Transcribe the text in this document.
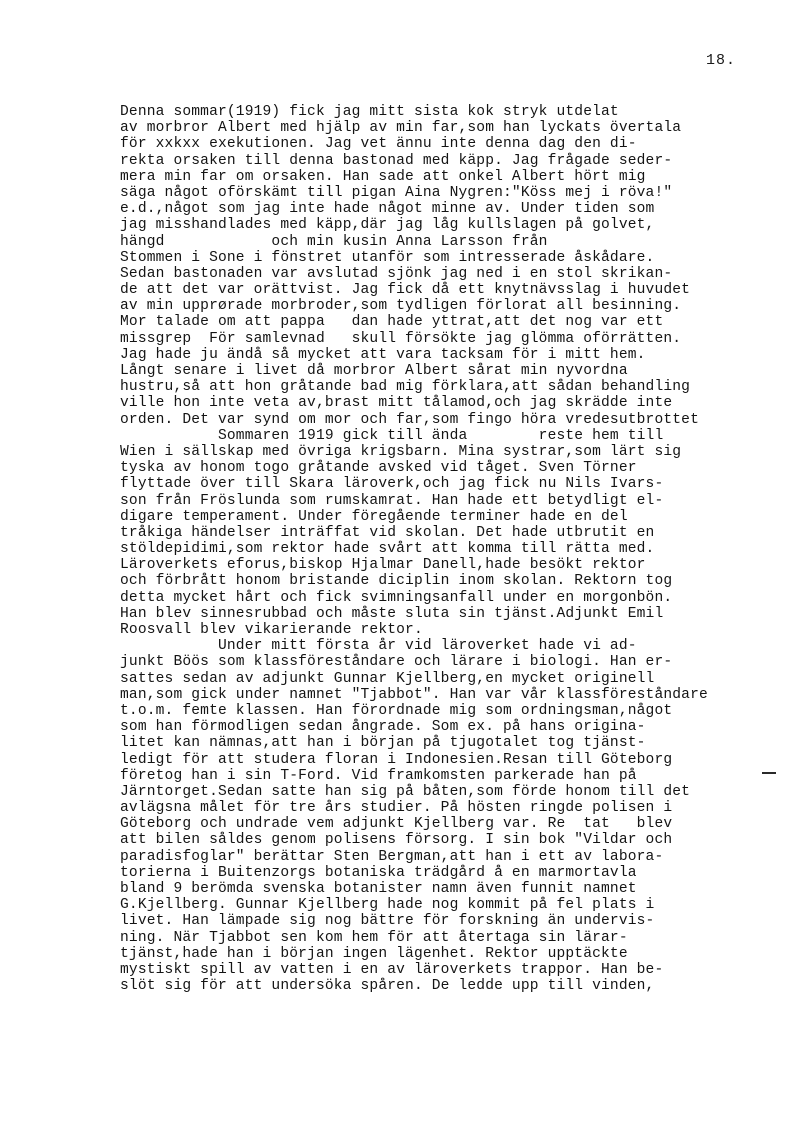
18.
Denna sommar(1919) fick jag mitt sista kok stryk utdelat
av morbror Albert med hjälp av min far,som han lyckats övertala
för xxkxx exekutionen. Jag vet ännu inte denna dag den di-
rekta orsaken till denna bastonad med käpp. Jag frågade seder-
mera min far om orsaken. Han sade att onkel Albert hört mig
säga något oförskämt till pigan Aina Nygren:"Köss mej i röva!"
e.d.,något som jag inte hade något minne av. Under tiden som
jag misshandlades med käpp,där jag låg kullslagen på golvet,
hängd            och min kusin Anna Larsson från
Stommen i Sone i fönstret utanför som intresserade åskådare.
Sedan bastonaden var avslutad sjönk jag ned i en stol skrikan-
de att det var orättvist. Jag fick då ett knytnävsslag i huvudet
av min upprørade morbroder,som tydligen förlorat all besinning.
Mor talade om att pappa   dan hade yttrat,att det nog var ett
missgrep  För samlevnad   skull försökte jag glömma oförrätten.
Jag hade ju ändå så mycket att vara tacksam för i mitt hem.
Långt senare i livet då morbror Albert sårat min nyvordna
hustru,så att hon gråtande bad mig förklara,att sådan behandling
ville hon inte veta av,brast mitt tålamod,och jag skrädde inte
orden. Det var synd om mor och far,som fingo höra vredesutbrottet
Sommaren 1919 gick till ända        reste hem till
Wien i sällskap med övriga krigsbarn. Mina systrar,som lärt sig
tyska av honom togo gråtande avsked vid tåget. Sven Törner
flyttade över till Skara läroverk,och jag fick nu Nils Ivars-
son från Fröslunda som rumskamrat. Han hade ett betydligt el-
digare temperament. Under föregående terminer hade en del
tråkiga händelser inträffat vid skolan. Det hade utbrutit en
stöldepidimi,som rektor hade svårt att komma till rätta med.
Läroverkets eforus,biskop Hjalmar Danell,hade besökt rektor
och förbrått honom bristande diciplin inom skolan. Rektorn tog
detta mycket hårt och fick svimningsanfall under en morgonbön.
Han blev sinnesrubbad och måste sluta sin tjänst.Adjunkt Emil
Roosvall blev vikarierande rektor.
Under mitt första år vid läroverket hade vi ad-
junkt Böös som klassföreståndare och lärare i biologi. Han er-
sattes sedan av adjunkt Gunnar Kjellberg,en mycket originell
man,som gick under namnet "Tjabbot". Han var vår klassföreståndare
t.o.m. femte klassen. Han förordnade mig som ordningsman,något
som han förmodligen sedan ångrade. Som ex. på hans origina-
litet kan nämnas,att han i början på tjugotalet tog tjänst-
ledigt för att studera floran i Indonesien.Resan till Göteborg
företog han i sin T-Ford. Vid framkomsten parkerade han på
Järntorget.Sedan satte han sig på båten,som förde honom till det
avlägsna målet för tre års studier. På hösten ringde polisen i
Göteborg och undrade vem adjunkt Kjellberg var. Re  tat   blev
att bilen såldes genom polisens försorg. I sin bok "Vildar och
paradisfoglar" berättar Sten Bergman,att han i ett av labora-
torierna i Buitenzorgs botaniska trädgård å en marmortavla
bland 9 berömda svenska botanister namn även funnit namnet
G.Kjellberg. Gunnar Kjellberg hade nog kommit på fel plats i
livet. Han lämpade sig nog bättre för forskning än undervis-
ning. När Tjabbot sen kom hem för att återtaga sin lärar-
tjänst,hade han i början ingen lägenhet. Rektor upptäckte
mystiskt spill av vatten i en av läroverkets trappor. Han be-
slöt sig för att undersöka spåren. De ledde upp till vinden,
